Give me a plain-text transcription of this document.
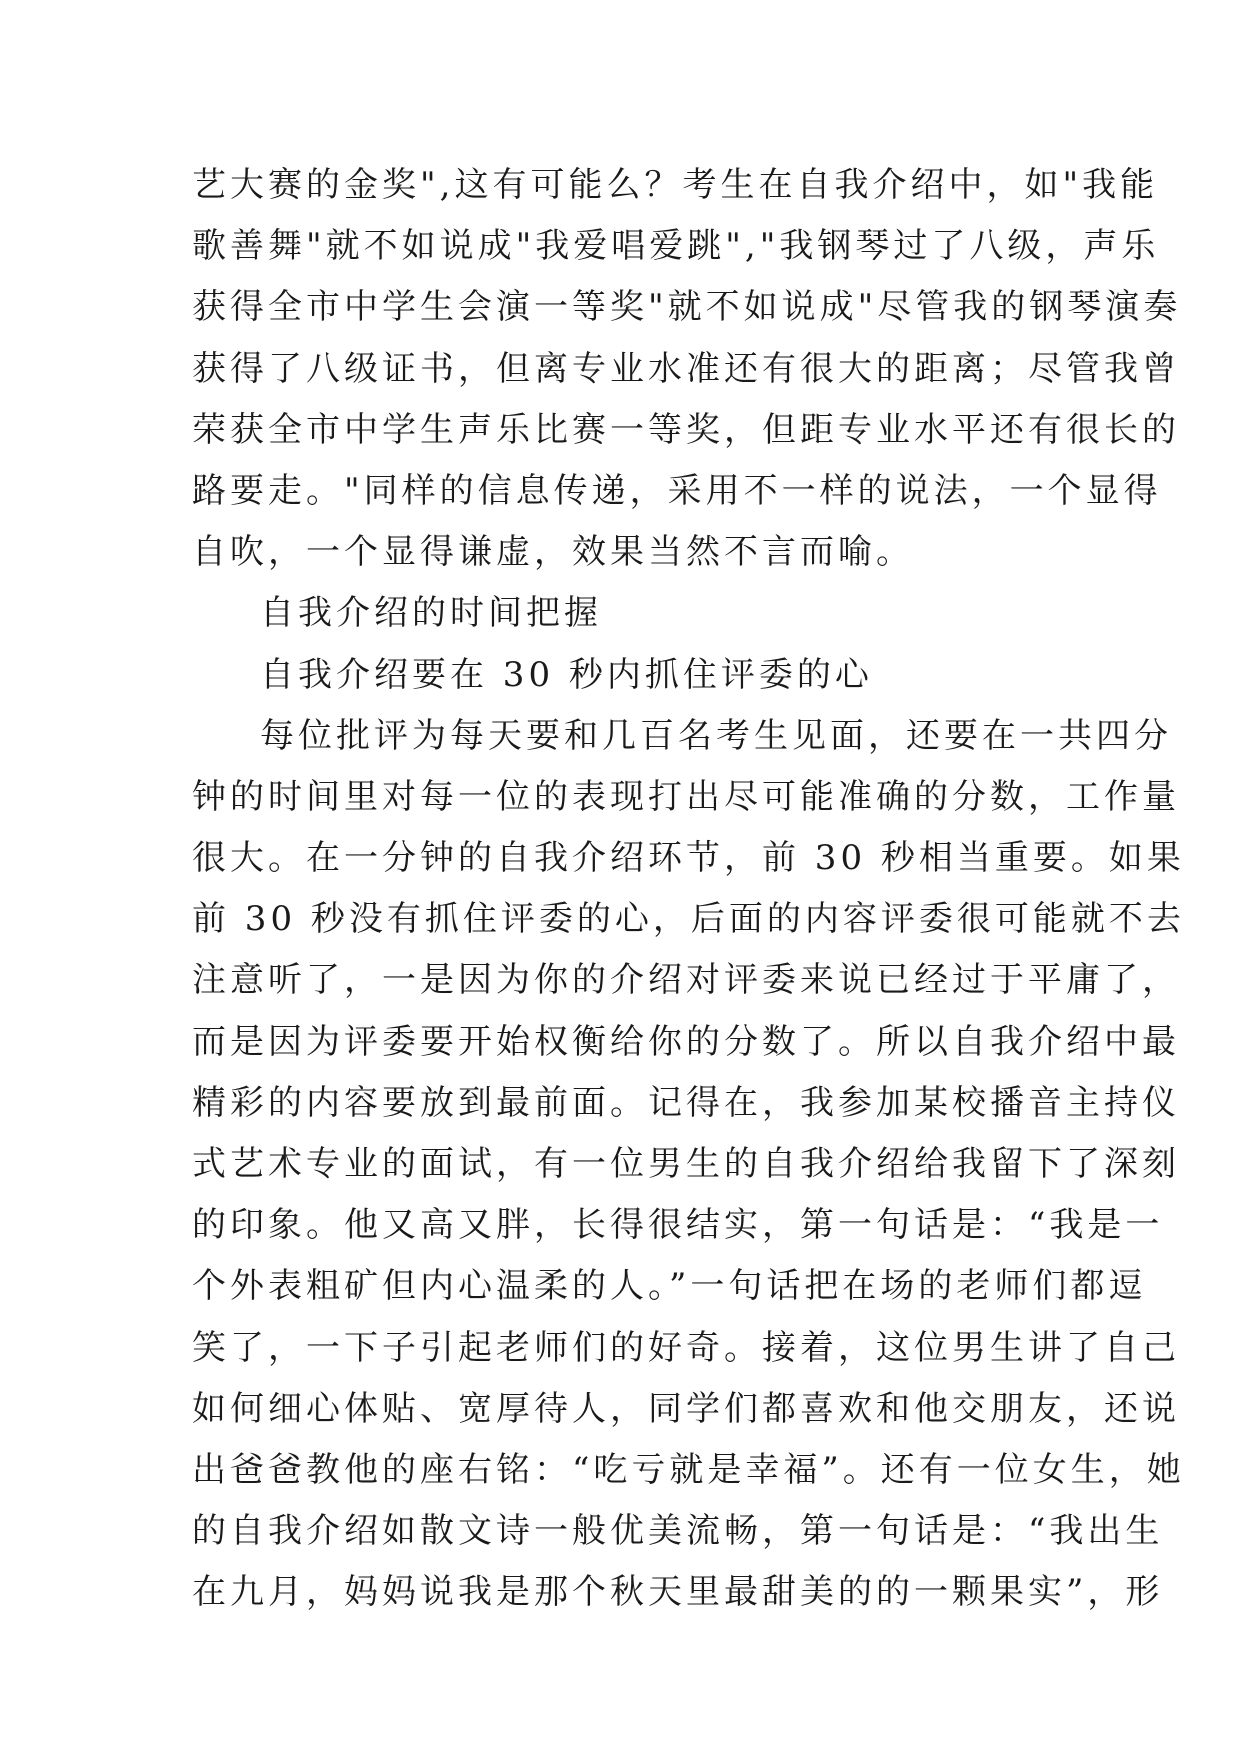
艺大赛的金奖",这有可能么？考生在自我介绍中，如"我能
歌善舞"就不如说成"我爱唱爱跳","我钢琴过了八级，声乐
获得全市中学生会演一等奖"就不如说成"尽管我的钢琴演奏
获得了八级证书，但离专业水准还有很大的距离；尽管我曾
荣获全市中学生声乐比赛一等奖，但距专业水平还有很长的
路要走。"同样的信息传递，采用不一样的说法，一个显得
自吹，一个显得谦虚，效果当然不言而喻。
自我介绍的时间把握
自我介绍要在 30 秒内抓住评委的心
每位批评为每天要和几百名考生见面，还要在一共四分
钟的时间里对每一位的表现打出尽可能准确的分数，工作量
很大。在一分钟的自我介绍环节，前 30 秒相当重要。如果
前 30 秒没有抓住评委的心，后面的内容评委很可能就不去
注意听了，一是因为你的介绍对评委来说已经过于平庸了，
而是因为评委要开始权衡给你的分数了。所以自我介绍中最
精彩的内容要放到最前面。记得在，我参加某校播音主持仪
式艺术专业的面试，有一位男生的自我介绍给我留下了深刻
的印象。他又高又胖，长得很结实，第一句话是：“我是一
个外表粗矿但内心温柔的人。”一句话把在场的老师们都逗
笑了，一下子引起老师们的好奇。接着，这位男生讲了自己
如何细心体贴、宽厚待人，同学们都喜欢和他交朋友，还说
出爸爸教他的座右铭：“吃亏就是幸福”。还有一位女生，她
的自我介绍如散文诗一般优美流畅，第一句话是：“我出生
在九月，妈妈说我是那个秋天里最甜美的的一颗果实”，形
